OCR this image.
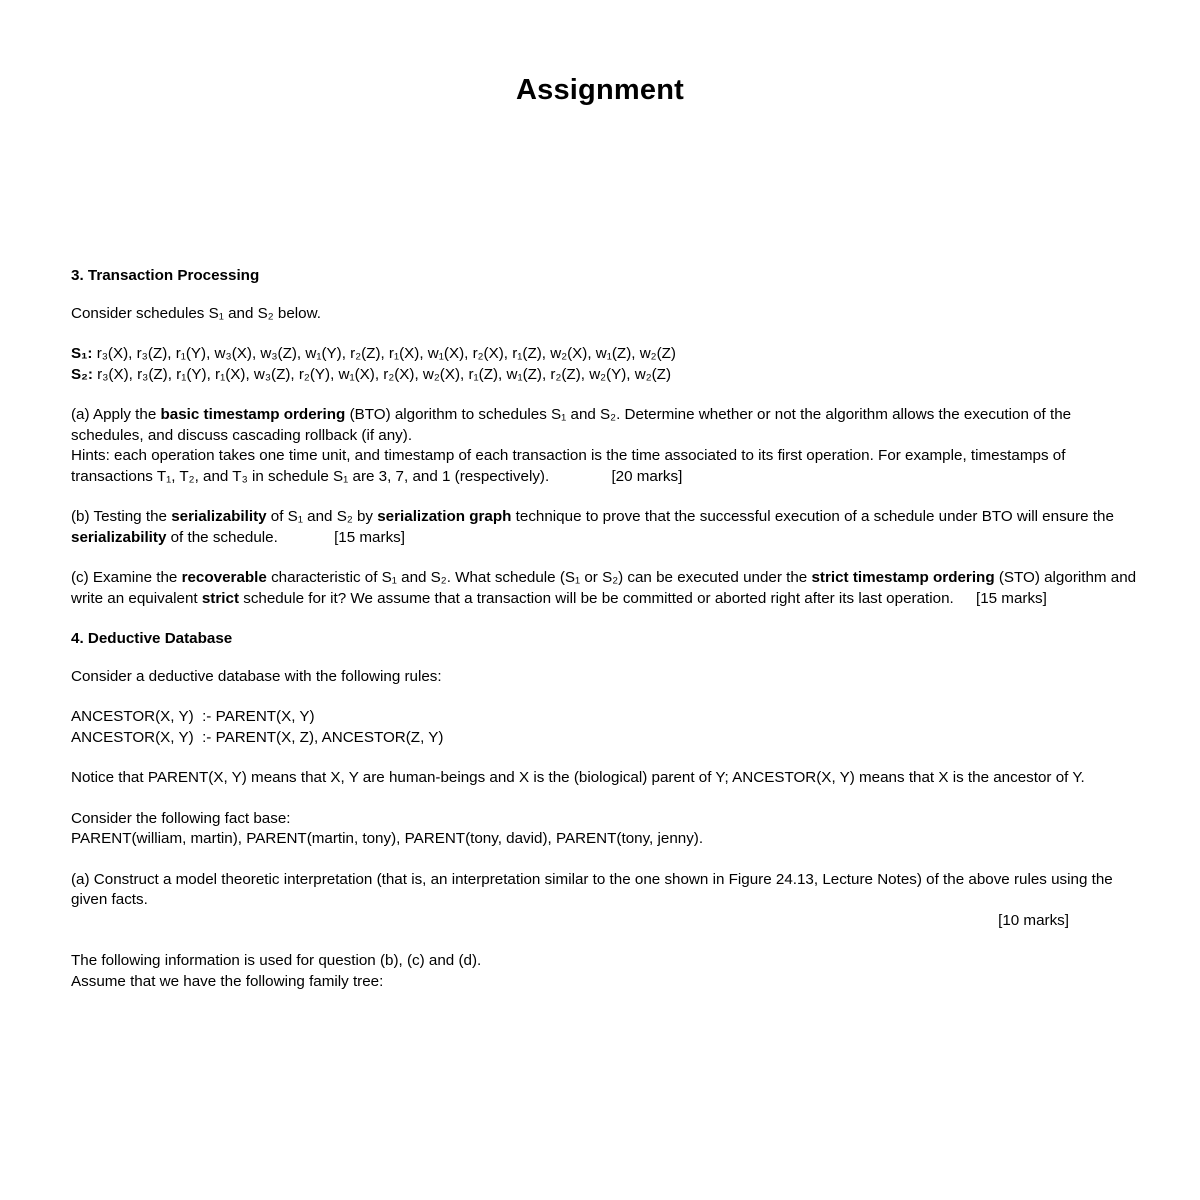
Assignment
3. Transaction Processing

Consider schedules S₁ and S₂ below.

S₁: r₃(X), r₃(Z), r₁(Y), w₃(X), w₃(Z), w₁(Y), r₂(Z), r₁(X), w₁(X), r₂(X), r₁(Z), w₂(X), w₁(Z), w₂(Z)
S₂: r₃(X), r₃(Z), r₁(Y), r₁(X), w₃(Z), r₂(Y), w₁(X), r₂(X), w₂(X), r₁(Z), w₁(Z), r₂(Z), w₂(Y), w₂(Z)

(a) Apply the basic timestamp ordering (BTO) algorithm to schedules S₁ and S₂. Determine whether or not the algorithm allows the execution of the schedules, and discuss cascading rollback (if any).
Hints: each operation takes one time unit, and timestamp of each transaction is the time associated to its first operation. For example, timestamps of transactions T₁, T₂, and T₃ in schedule S₁ are 3, 7, and 1 (respectively).	[20 marks]

(b) Testing the serializability of S₁ and S₂ by serialization graph technique to prove that the successful execution of a schedule under BTO will ensure the serializability of the schedule.	[15 marks]

(c) Examine the recoverable characteristic of S₁ and S₂. What schedule (S₁ or S₂) can be executed under the strict timestamp ordering (STO) algorithm and write an equivalent strict schedule for it? We assume that a transaction will be be committed or aborted right after its last operation. [15 marks]

4. Deductive Database

Consider a deductive database with the following rules:

ANCESTOR(X, Y)  :- PARENT(X, Y)
ANCESTOR(X, Y)  :- PARENT(X, Z), ANCESTOR(Z, Y)

Notice that PARENT(X, Y) means that X, Y are human-beings and X is the (biological) parent of Y; ANCESTOR(X, Y) means that X is the ancestor of Y.

Consider the following fact base:
PARENT(william, martin), PARENT(martin, tony), PARENT(tony, david), PARENT(tony, jenny).

(a) Construct a model theoretic interpretation (that is, an interpretation similar to the one shown in Figure 24.13, Lecture Notes) of the above rules using the given facts.

[10 marks]

The following information is used for question (b), (c) and (d).
Assume that we have the following family tree:
